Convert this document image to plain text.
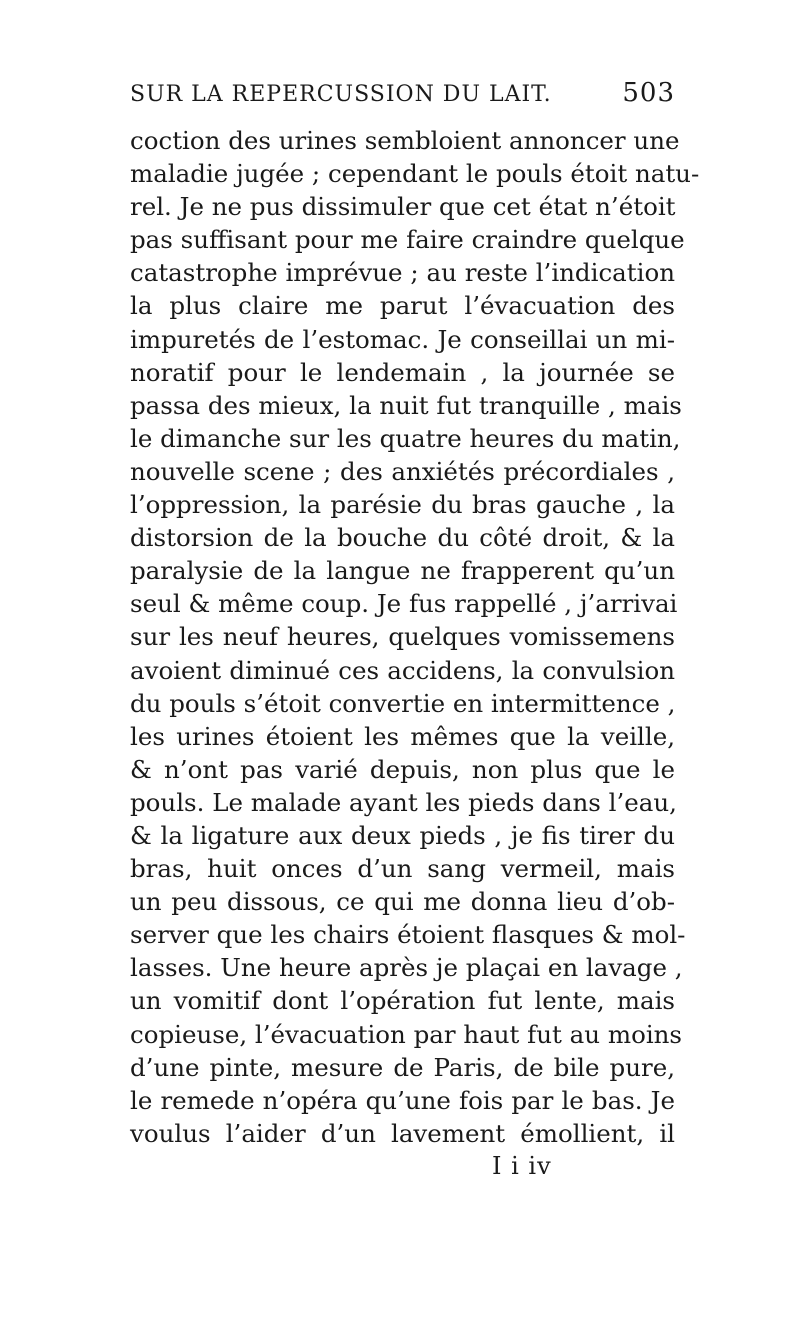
SUR LA REPERCUSSION DU LAIT.	503
coction des urines sembloient annoncer une
maladie jugée ; cependant le pouls étoit natu-
rel. Je ne pus dissimuler que cet état n’étoit
pas suffisant pour me faire craindre quelque
catastrophe imprévue ; au reste l’indication
la plus claire me parut l’évacuation des
impuretés de l’estomac. Je conseillai un mi-
noratif pour le lendemain , la journée se
passa des mieux, la nuit fut tranquille , mais
le dimanche sur les quatre heures du matin,
nouvelle scene ; des anxiétés précordiales ,
l’oppression, la parésie du bras gauche , la
distorsion de la bouche du côté droit, & la
paralysie de la langue ne frapperent qu’un
seul & même coup. Je fus rappellé , j’arrivai
sur les neuf heures, quelques vomissemens
avoient diminué ces accidens, la convulsion
du pouls s’étoit convertie en intermittence ,
les urines étoient les mêmes que la veille,
& n’ont pas varié depuis, non plus que le
pouls. Le malade ayant les pieds dans l’eau,
& la ligature aux deux pieds , je fis tirer du
bras, huit onces d’un sang vermeil, mais
un peu dissous, ce qui me donna lieu d’ob-
server que les chairs étoient flasques & mol-
lasses. Une heure après je plaçai en lavage ,
un vomitif dont l’opération fut lente, mais
copieuse, l’évacuation par haut fut au moins
d’une pinte, mesure de Paris, de bile pure,
le remede n’opéra qu’une fois par le bas. Je
voulus l’aider d’un lavement émollient, il
I i iv
